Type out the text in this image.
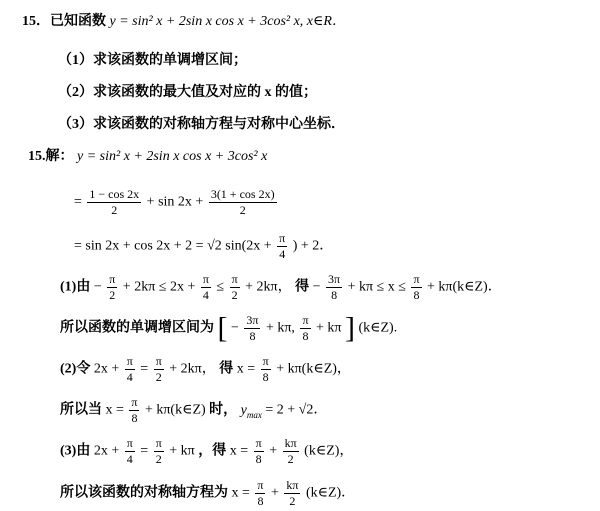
15．已知函数 y = sin² x + 2sin x cos x + 3cos² x, x∈R．
（1）求该函数的单调增区间；
（2）求该函数的最大值及对应的 x 的值；
（3）求该函数的对称轴方程与对称中心坐标．
15.解： y = sin² x + 2sin x cos x + 3cos² x
= $\frac{1 - \cos 2x}{2} + \sin 2x + \frac{3(1 + \cos 2x)}{2}$
= sin 2x + cos 2x + 2 = √2 $\sin(2x + \frac{\pi}{4}$ ) + 2．
(1)由 − $\frac{\pi}{2} + 2k\pi \le 2x + \frac{\pi}{4} \le \frac{\pi}{2} + 2k\pi$， 得 − $\frac{3\pi}{8} + k\pi \le x \le \frac{\pi}{8}$ + kπ(k∈Z)．
所以函数的单调增区间为 [ − $\frac{3\pi}{8} + k\pi$, $\frac{\pi}{8} + k\pi$ ] (k∈Z).
(2)令 $2x + \frac{\pi}{4} = \frac{\pi}{2} + 2k\pi$， 得 $x = \frac{\pi}{8}$ + kπ(k∈Z)，
所以当 $x = \frac{\pi}{8}$ + kπ(k∈Z) 时， $y_{max} = 2 + √2$．
(3)由 $2x + \frac{\pi}{4} = \frac{\pi}{2} + k\pi$ ，得 $x = \frac{\pi}{8} + \frac{k\pi}{2}$ (k∈Z)，
所以该函数的对称轴方程为 $x = \frac{\pi}{8} + \frac{k\pi}{2}$ (k∈Z)．
